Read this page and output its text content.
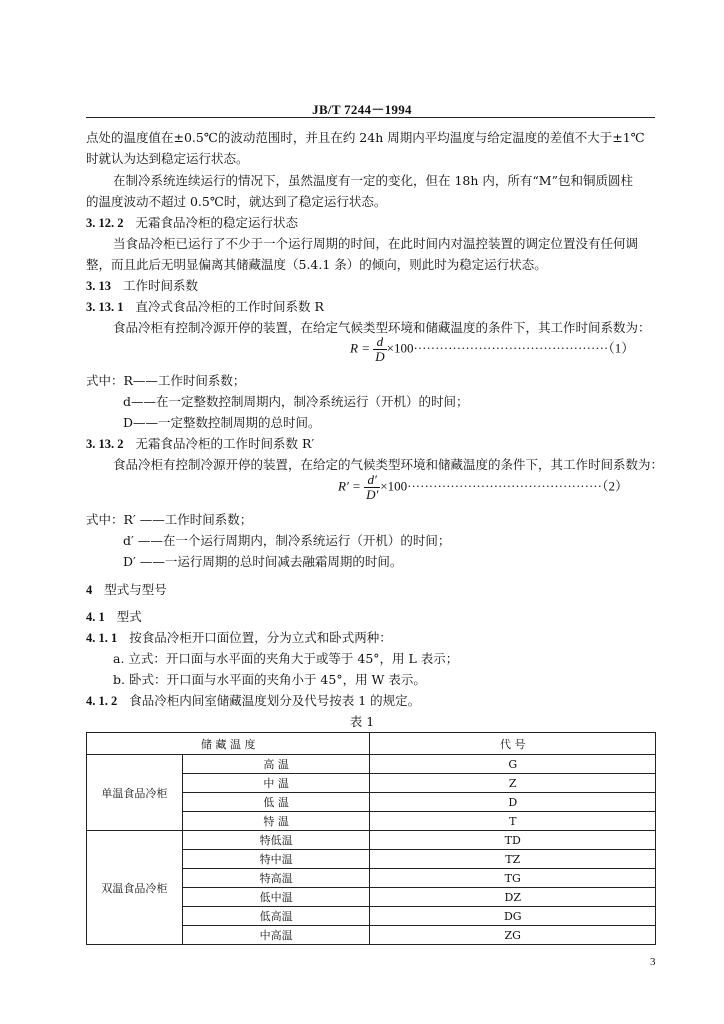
JB/T 7244－1994
点处的温度值在±0.5℃的波动范围时，并且在约 24h 周期内平均温度与给定温度的差值不大于±1℃
时就认为达到稳定运行状态。
在制冷系统连续运行的情况下，虽然温度有一定的变化，但在 18h 内，所有“M”包和铜质圆柱
的温度波动不超过 0.5℃时，就达到了稳定运行状态。
3. 12. 2 无霜食品冷柜的稳定运行状态
当食品冷柜已运行了不少于一个运行周期的时间，在此时间内对温控装置的调定位置没有任何调
整，而且此后无明显偏离其储藏温度（5.4.1 条）的倾向，则此时为稳定运行状态。
3. 13 工作时间系数
3. 13. 1 直冷式食品冷柜的工作时间系数 R
食品冷柜有控制冷源开停的装置，在给定气候类型环境和储藏温度的条件下，其工作时间系数为：
$R = \frac{d}{D} \times 100\cdot\cdot\cdot\cdot\cdot\cdot\cdot\cdot\cdot\cdot\cdot\cdot\cdot\cdot\cdot\cdot\cdot\cdot\cdot\cdot\cdot\cdot\cdot\cdot\cdot\cdot\cdot\cdot\cdot\cdot\cdot\cdot\cdot\cdot\cdot\cdot\cdot\cdot\cdot\cdot\cdot\cdot\cdot\cdot\cdot(1)$
式中：R——工作时间系数；
d——在一定整数控制周期内，制冷系统运行（开机）的时间；
D——一定整数控制周期的总时间。
3. 13. 2 无霜食品冷柜的工作时间系数 R′
食品冷柜有控制冷源开停的装置，在给定的气候类型环境和储藏温度的条件下，其工作时间系数为：
$R' = \frac{d'}{D'} \times 100\cdot\cdot\cdot\cdot\cdot\cdot\cdot\cdot\cdot\cdot\cdot\cdot\cdot\cdot\cdot\cdot\cdot\cdot\cdot\cdot\cdot\cdot\cdot\cdot\cdot\cdot\cdot\cdot\cdot\cdot\cdot\cdot\cdot\cdot\cdot\cdot\cdot\cdot\cdot\cdot\cdot\cdot\cdot\cdot\cdot(2)$
式中：R′ ——工作时间系数；
d′ ——在一个运行周期内，制冷系统运行（开机）的时间；
D′ ——一运行周期的总时间减去融霜周期的时间。
4 型式与型号
4. 1 型式
4. 1. 1 按食品冷柜开口面位置，分为立式和卧式两种：
a. 立式：开口面与水平面的夹角大于或等于 45°，用 L 表示；
b. 卧式：开口面与水平面的夹角小于 45°，用 W 表示。
4. 1. 2 食品冷柜内间室储藏温度划分及代号按表 1 的规定。
表 1
储 藏 温 度		代 号
单温食品冷柜	高 温	G
	中 温	Z
	低 温	D
	特 温	T
双温食品冷柜	特低温	TD
	特中温	TZ
	特高温	TG
	低中温	DZ
	低高温	DG
	中高温	ZG
3
